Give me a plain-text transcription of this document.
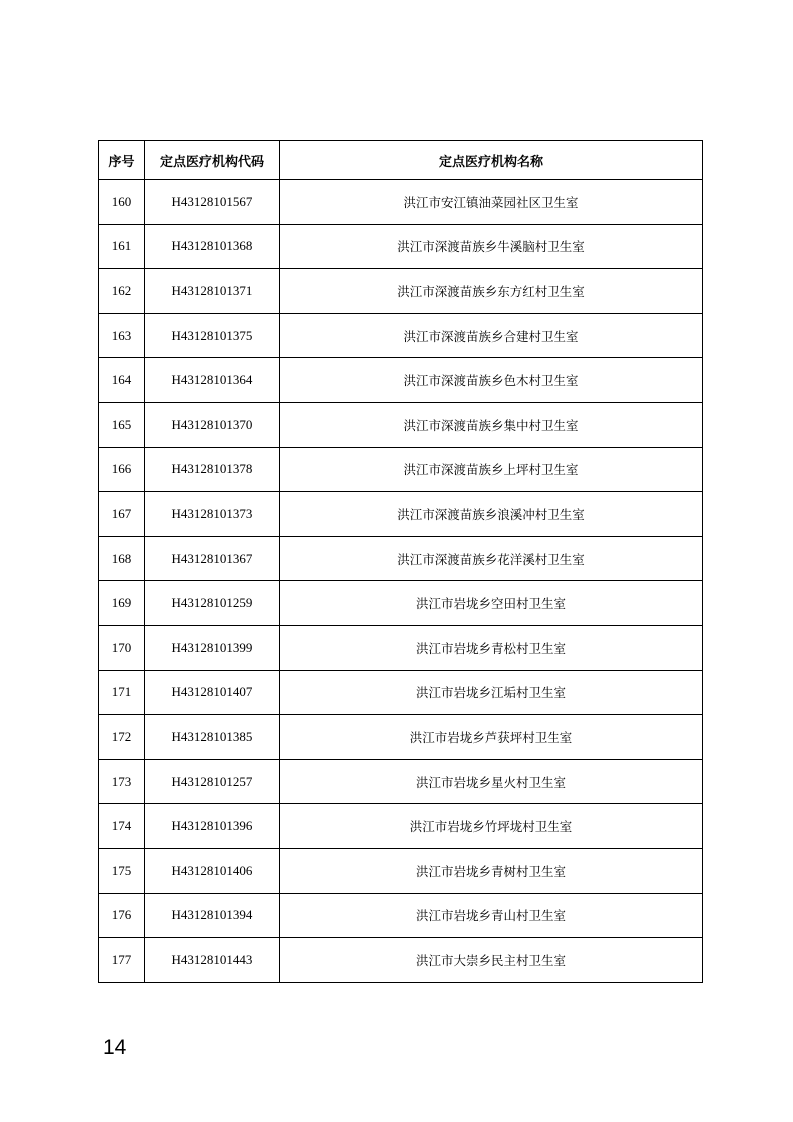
序号	定点医疗机构代码	定点医疗机构名称
160	H43128101567	洪江市安江镇油菜园社区卫生室
161	H43128101368	洪江市深渡苗族乡牛溪脑村卫生室
162	H43128101371	洪江市深渡苗族乡东方红村卫生室
163	H43128101375	洪江市深渡苗族乡合建村卫生室
164	H43128101364	洪江市深渡苗族乡色木村卫生室
165	H43128101370	洪江市深渡苗族乡集中村卫生室
166	H43128101378	洪江市深渡苗族乡上坪村卫生室
167	H43128101373	洪江市深渡苗族乡浪溪冲村卫生室
168	H43128101367	洪江市深渡苗族乡花洋溪村卫生室
169	H43128101259	洪江市岩垅乡空田村卫生室
170	H43128101399	洪江市岩垅乡青松村卫生室
171	H43128101407	洪江市岩垅乡江垢村卫生室
172	H43128101385	洪江市岩垅乡芦获坪村卫生室
173	H43128101257	洪江市岩垅乡星火村卫生室
174	H43128101396	洪江市岩垅乡竹坪垅村卫生室
175	H43128101406	洪江市岩垅乡青树村卫生室
176	H43128101394	洪江市岩垅乡青山村卫生室
177	H43128101443	洪江市大崇乡民主村卫生室
14
